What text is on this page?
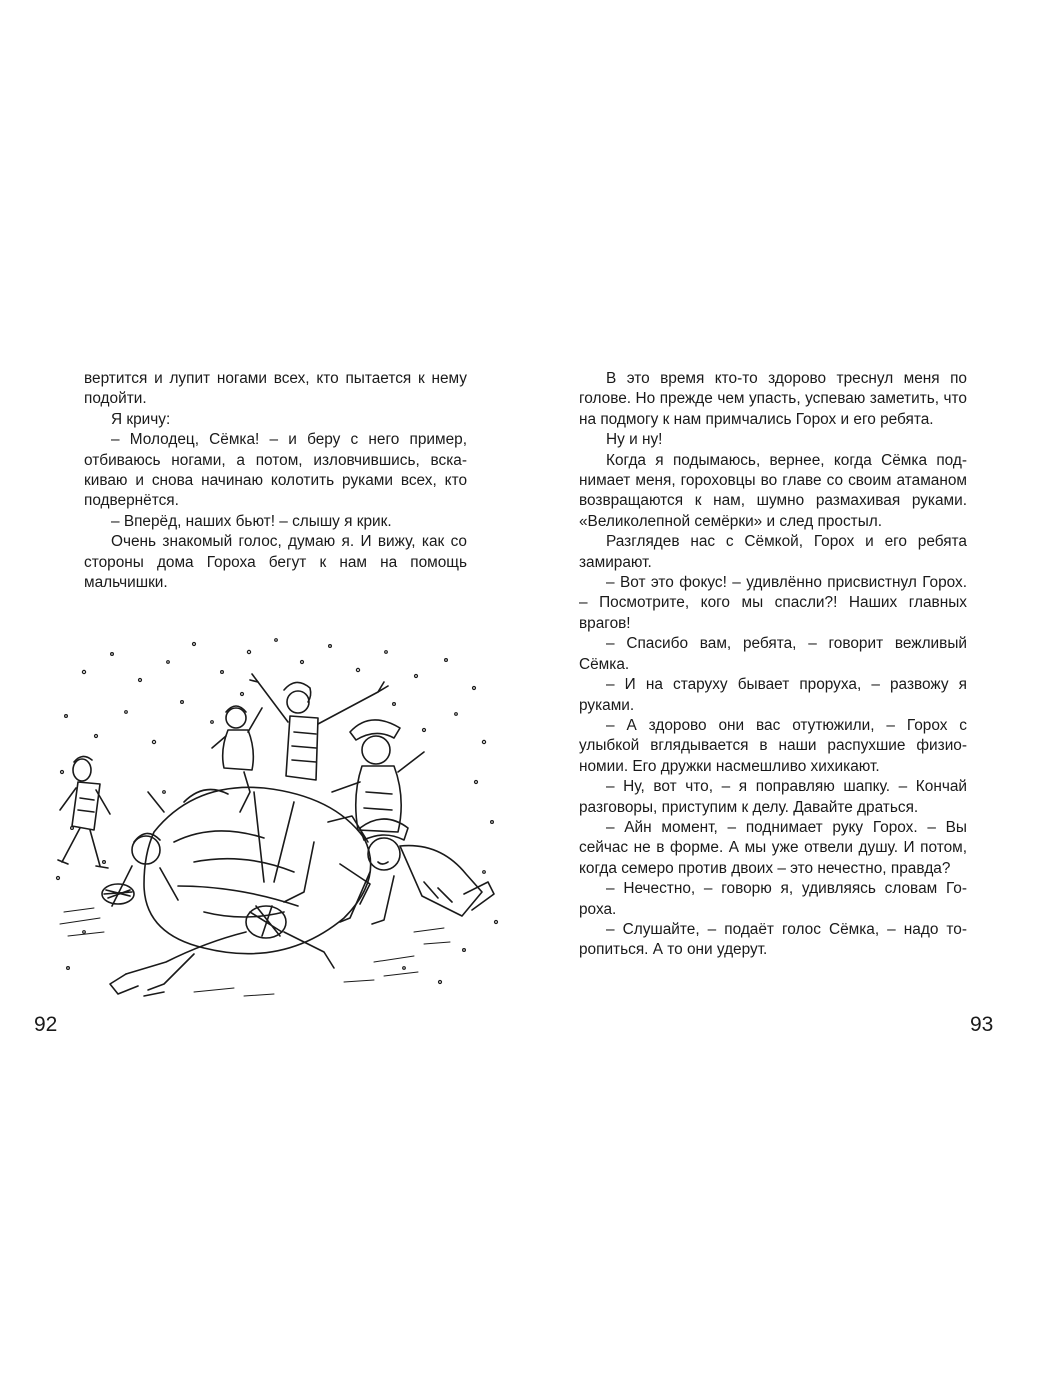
вертится и лупит ногами всех, кто пытается к нему подойти.

Я кричу:

– Молодец, Сёмка! – и беру с него пример, отбиваюсь ногами, а потом, изловчившись, вскакиваю и снова начинаю колотить руками всех, кто подвернётся.

– Вперёд, наших бьют! – слышу я крик.

Очень знакомый голос, думаю я. И вижу, как со стороны дома Гороха бегут к нам на помощь мальчишки.

92

В это время кто-то здорово треснул меня по голове. Но прежде чем упасть, успеваю заметить, что на подмогу к нам примчались Горох и его ребята.

Ну и ну!

Когда я подымаюсь, вернее, когда Сёмка поднимает меня, гороховцы во главе со своим атаманом возвращаются к нам, шумно размахивая руками. «Великолепной семёрки» и след простыл.

Разглядев нас с Сёмкой, Горох и его ребята замирают.

– Вот это фокус! – удивлённо присвистнул Горох. – Посмотрите, кого мы спасли?! Наших главных врагов!

– Спасибо вам, ребята, – говорит вежливый Сёмка.

– И на старуху бывает проруха, – развожу я руками.

– А здорово они вас отутюжили, – Горох с улыбкой вглядывается в наши распухшие физиономии. Его дружки насмешливо хихикают.

– Ну, вот что, – я поправляю шапку. – Кончай разговоры, приступим к делу. Давайте драться.

– Айн момент, – поднимает руку Горох. – Вы сейчас не в форме. А мы уже отвели душу. И потом, когда семеро против двоих – это нечестно, правда?

– Нечестно, – говорю я, удивляясь словам Гороха.

– Слушайте, – подаёт голос Сёмка, – надо торопиться. А то они удерут.

93
